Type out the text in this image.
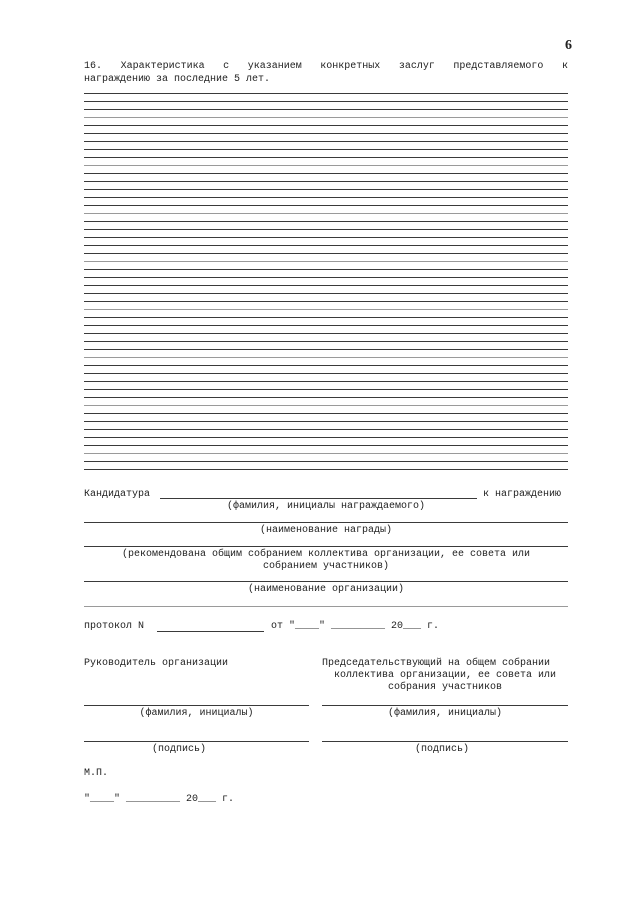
6
16. Характеристика с указанием конкретных заслуг представляемого к
награждению за последние 5 лет.
Кандидатура	к награждению
(фамилия, инициалы награждаемого)
(наименование награды)
(рекомендована общим собранием коллектива организации, ее совета или
собранием участников)
(наименование организации)
протокол N	от "____" _________ 20___ г.
Руководитель организации	Председательствующий на общем собрании
коллектива организации, ее совета или
собрания участников
(фамилия, инициалы)	(фамилия, инициалы)
(подпись)	(подпись)
М.П.
"____" _________ 20___ г.
